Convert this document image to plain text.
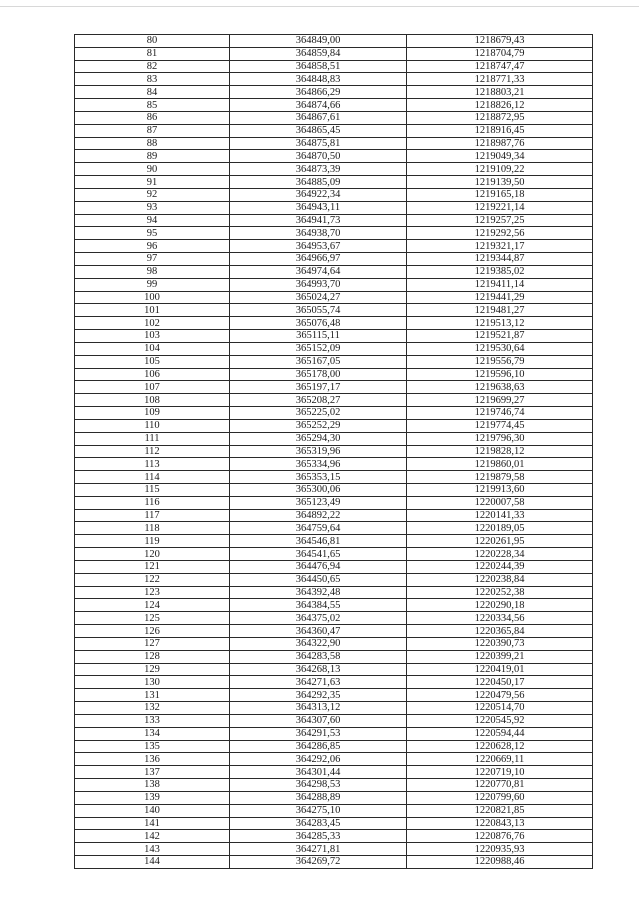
80	364849,00	1218679,43
81	364859,84	1218704,79
82	364858,51	1218747,47
83	364848,83	1218771,33
84	364866,29	1218803,21
85	364874,66	1218826,12
86	364867,61	1218872,95
87	364865,45	1218916,45
88	364875,81	1218987,76
89	364870,50	1219049,34
90	364873,39	1219109,22
91	364885,09	1219139,50
92	364922,34	1219165,18
93	364943,11	1219221,14
94	364941,73	1219257,25
95	364938,70	1219292,56
96	364953,67	1219321,17
97	364966,97	1219344,87
98	364974,64	1219385,02
99	364993,70	1219411,14
100	365024,27	1219441,29
101	365055,74	1219481,27
102	365076,48	1219513,12
103	365115,11	1219521,87
104	365152,09	1219530,64
105	365167,05	1219556,79
106	365178,00	1219596,10
107	365197,17	1219638,63
108	365208,27	1219699,27
109	365225,02	1219746,74
110	365252,29	1219774,45
111	365294,30	1219796,30
112	365319,96	1219828,12
113	365334,96	1219860,01
114	365353,15	1219879,58
115	365300,06	1219913,60
116	365123,49	1220007,58
117	364892,22	1220141,33
118	364759,64	1220189,05
119	364546,81	1220261,95
120	364541,65	1220228,34
121	364476,94	1220244,39
122	364450,65	1220238,84
123	364392,48	1220252,38
124	364384,55	1220290,18
125	364375,02	1220334,56
126	364360,47	1220365,84
127	364322,90	1220390,73
128	364283,58	1220399,21
129	364268,13	1220419,01
130	364271,63	1220450,17
131	364292,35	1220479,56
132	364313,12	1220514,70
133	364307,60	1220545,92
134	364291,53	1220594,44
135	364286,85	1220628,12
136	364292,06	1220669,11
137	364301,44	1220719,10
138	364298,53	1220770,81
139	364288,89	1220799,60
140	364275,10	1220821,85
141	364283,45	1220843,13
142	364285,33	1220876,76
143	364271,81	1220935,93
144	364269,72	1220988,46
